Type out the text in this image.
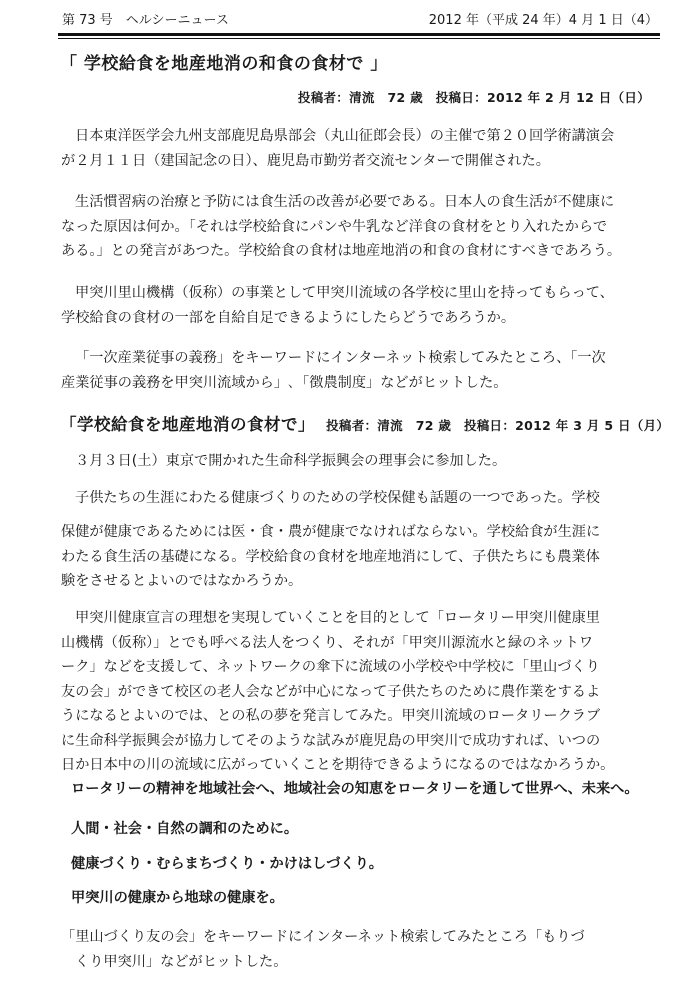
第 73 号　ヘルシーニュース	2012 年（平成 24 年）4 月 1 日（4）
「 学校給食を地産地消の和食の食材で 」
投稿者：清流　72 歳　投稿日：2012 年 2 月 12 日（日）

日本東洋医学会九州支部鹿児島県部会（丸山征郎会長）の主催で第２０回学術講演会
が２月１１日（建国記念の日）、鹿児島市勤労者交流センターで開催された。

生活慣習病の治療と予防には食生活の改善が必要である。日本人の食生活が不健康に
なった原因は何か。「それは学校給食にパンや牛乳など洋食の食材をとり入れたからで
ある。」との発言があつた。学校給食の食材は地産地消の和食の食材にすべきであろう。

甲突川里山機構（仮称）の事業として甲突川流域の各学校に里山を持ってもらって、
学校給食の食材の一部を自給自足できるようにしたらどうであろうか。

「一次産業従事の義務」をキーワードにインターネット検索してみたところ、「一次
産業従事の義務を甲突川流域から」､「徴農制度」などがヒットした。

「学校給食を地産地消の食材で」 投稿者：清流　72 歳　投稿日：2012 年 3 月 5 日（月）

３月３日(土）東京で開かれた生命科学振興会の理事会に参加した。

子供たちの生涯にわたる健康づくりのための学校保健も話題の一つであった。学校

保健が健康であるためには医・食・農が健康でなければならない。学校給食が生涯に
わたる食生活の基礎になる。学校給食の食材を地産地消にして、子供たちにも農業体
験をさせるとよいのではなかろうか。

甲突川健康宣言の理想を実現していくことを目的として「ロータリー甲突川健康里
山機構（仮称）」とでも呼べる法人をつくり、それが「甲突川源流水と緑のネットワ
ーク」などを支援して、ネットワークの傘下に流域の小学校や中学校に「里山づくり
友の会」ができて校区の老人会などが中心になって子供たちのために農作業をするよ
うになるとよいのでは、との私の夢を発言してみた。甲突川流域のロータリークラブ
に生命科学振興会が協力してそのような試みが鹿児島の甲突川で成功すれば、いつの
日か日本中の川の流域に広がっていくことを期待できるようになるのではなかろうか。

ロータリーの精神を地域社会へ、地域社会の知恵をロータリーを通して世界へ、未来へ。
人間・社会・自然の調和のために。
健康づくり・むらまちづくり・かけはしづくり。
甲突川の健康から地球の健康を。

「里山づくり友の会」をキーワードにインターネット検索してみたところ「もりづ
くり甲突川」などがヒットした。
